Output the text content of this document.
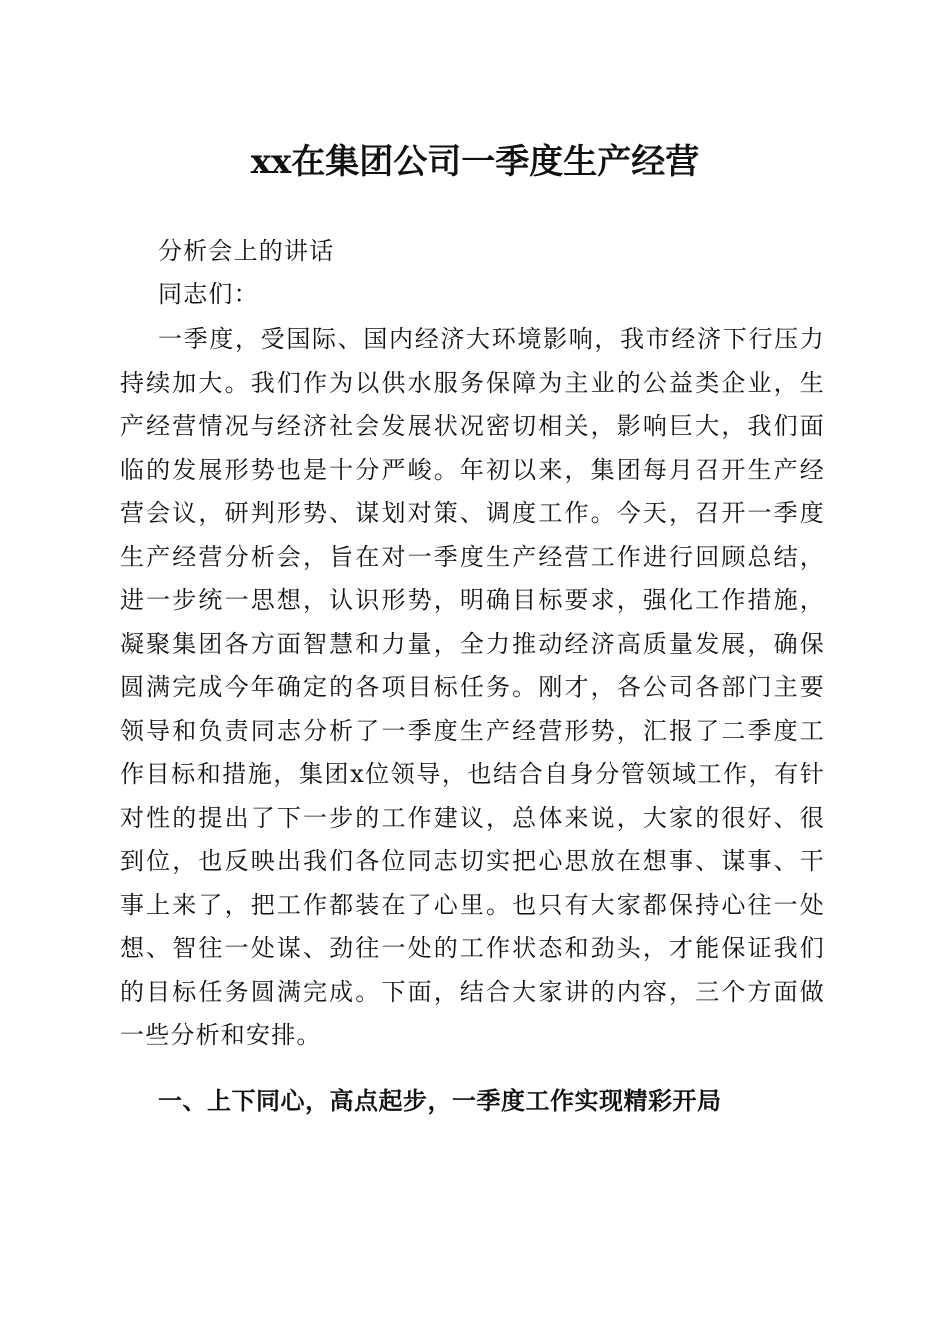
xx在集团公司一季度生产经营

分析会上的讲话

同志们：

一季度，受国际、国内经济大环境影响，我市经济下行压力持续加大。我们作为以供水服务保障为主业的公益类企业，生产经营情况与经济社会发展状况密切相关，影响巨大，我们面临的发展形势也是十分严峻。年初以来，集团每月召开生产经营会议，研判形势、谋划对策、调度工作。今天，召开一季度生产经营分析会，旨在对一季度生产经营工作进行回顾总结，进一步统一思想，认识形势，明确目标要求，强化工作措施，凝聚集团各方面智慧和力量，全力推动经济高质量发展，确保圆满完成今年确定的各项目标任务。刚才，各公司各部门主要领导和负责同志分析了一季度生产经营形势，汇报了二季度工作目标和措施，集团x位领导，也结合自身分管领域工作，有针对性的提出了下一步的工作建议，总体来说，大家的很好、很到位，也反映出我们各位同志切实把心思放在想事、谋事、干事上来了，把工作都装在了心里。也只有大家都保持心往一处想、智往一处谋、劲往一处的工作状态和劲头，才能保证我们的目标任务圆满完成。下面，结合大家讲的内容，三个方面做一些分析和安排。

一、上下同心，高点起步，一季度工作实现精彩开局
